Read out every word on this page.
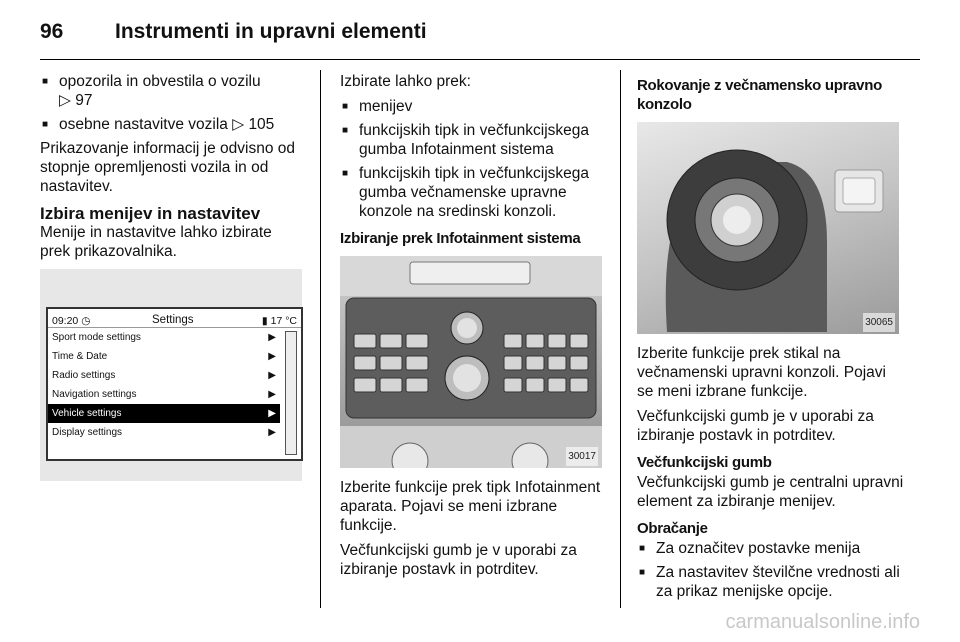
96 Instrumenti in upravni elementi
■ opozorila in obvestila o vozilu
▷ 97
■ osebne nastavitve vozila ▷ 105

Prikazovanje informacij je odvisno od stopnje opremljenosti vozila in od nastavitev.

Izbira menijev in nastavitev

Menije in nastavitve lahko izbirate prek prikazovalnika.

09:20 ◷	Settings	▮ 17 °C
Sport mode settings	▶
Time & Date	▶
Radio settings	▶
Navigation settings	▶
Vehicle settings	▶
Display settings	▶

Izbirate lahko prek:

■ menijev
■ funkcijskih tipk in večfunkcijskega gumba Infotainment sistema
■ funkcijskih tipk in večfunkcijskega gumba večnamenske upravne konzole na sredinski konzoli.
Izbiranje prek Infotainment sistema
30017

Izberite funkcije prek tipk Infotainment aparata. Pojavi se meni izbrane funkcije.

Večfunkcijski gumb je v uporabi za izbiranje postavk in potrditev.

Rokovanje z večnamensko upravno konzolo
30065

Izberite funkcije prek stikal na večnamenski upravni konzoli. Pojavi se meni izbrane funkcije.

Večfunkcijski gumb je v uporabi za izbiranje postavk in potrditev.

Večfunkcijski gumb

Večfunkcijski gumb je centralni upravni element za izbiranje menijev.

Obračanje
■ Za označitev postavke menija
■ Za nastavitev številčne vrednosti ali za prikaz menijske opcije.
carmanualsonline.info
